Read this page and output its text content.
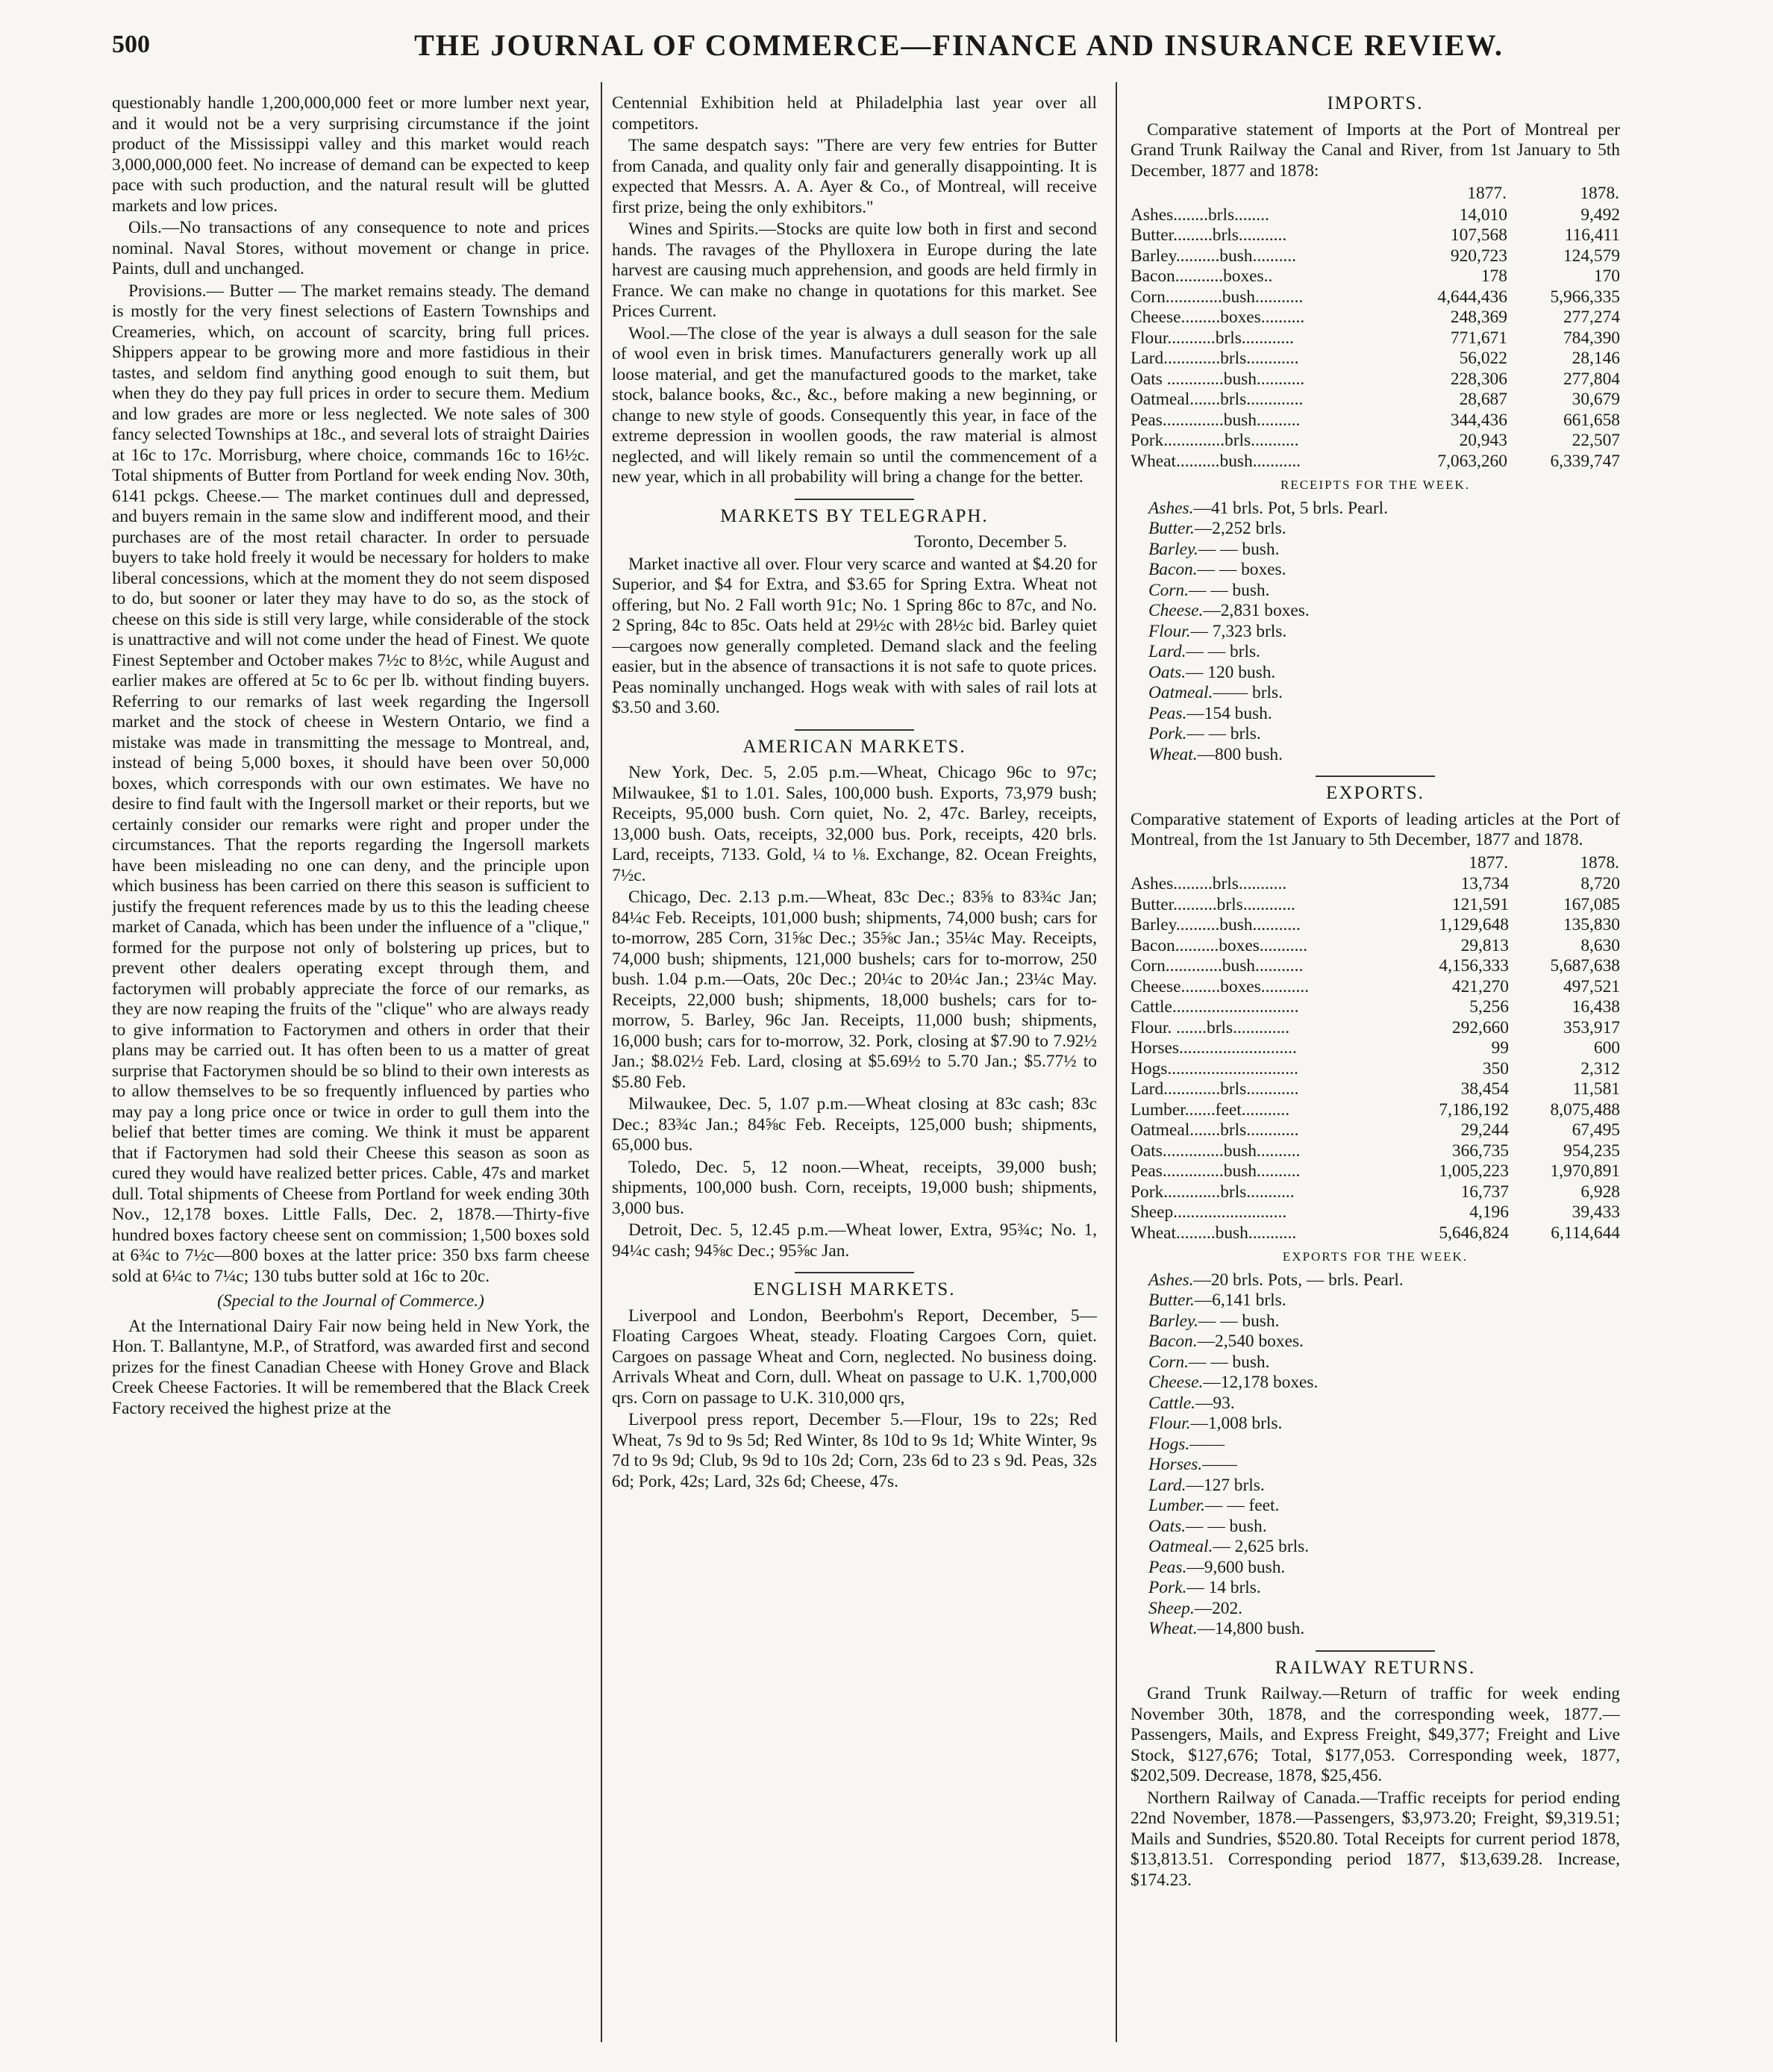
500	THE JOURNAL OF COMMERCE—FINANCE AND INSURANCE REVIEW.

questionably handle 1,200,000,000 feet or more lumber next year, and it would not be a very surprising circumstance if the joint product of the Mississippi valley and this market would reach 3,000,000,000 feet. No increase of demand can be expected to keep pace with such production, and the natural result will be glutted markets and low prices.

Oils.—No transactions of any consequence to note and prices nominal. Naval Stores, without movement or change in price. Paints, dull and unchanged.

Provisions.— Butter — The market remains steady. The demand is mostly for the very finest selections of Eastern Townships and Creameries, which, on account of scarcity, bring full prices. Shippers appear to be growing more and more fastidious in their tastes, and seldom find anything good enough to suit them, but when they do they pay full prices in order to secure them. Medium and low grades are more or less neglected. We note sales of 300 fancy selected Townships at 18c., and several lots of straight Dairies at 16c to 17c. Morrisburg, where choice, commands 16c to 16½c. Total shipments of Butter from Portland for week ending Nov. 30th, 6141 pckgs. Cheese.— The market continues dull and depressed, and buyers remain in the same slow and indifferent mood, and their purchases are of the most retail character. In order to persuade buyers to take hold freely it would be necessary for holders to make liberal concessions, which at the moment they do not seem disposed to do, but sooner or later they may have to do so, as the stock of cheese on this side is still very large, while considerable of the stock is unattractive and will not come under the head of Finest. We quote Finest September and October makes 7½c to 8½c, while August and earlier makes are offered at 5c to 6c per lb. without finding buyers. Referring to our remarks of last week regarding the Ingersoll market and the stock of cheese in Western Ontario, we find a mistake was made in transmitting the message to Montreal, and, instead of being 5,000 boxes, it should have been over 50,000 boxes, which corresponds with our own estimates. We have no desire to find fault with the Ingersoll market or their reports, but we certainly consider our remarks were right and proper under the circumstances. That the reports regarding the Ingersoll markets have been misleading no one can deny, and the principle upon which business has been carried on there this season is sufficient to justify the frequent references made by us to this the leading cheese market of Canada, which has been under the influence of a "clique," formed for the purpose not only of bolstering up prices, but to prevent other dealers operating except through them, and factorymen will probably appreciate the force of our remarks, as they are now reaping the fruits of the "clique" who are always ready to give information to Factorymen and others in order that their plans may be carried out. It has often been to us a matter of great surprise that Factorymen should be so blind to their own interests as to allow themselves to be so frequently influenced by parties who may pay a long price once or twice in order to gull them into the belief that better times are coming. We think it must be apparent that if Factorymen had sold their Cheese this season as soon as cured they would have realized better prices. Cable, 47s and market dull. Total shipments of Cheese from Portland for week ending 30th Nov., 12,178 boxes. Little Falls, Dec. 2, 1878.—Thirty-five hundred boxes factory cheese sent on commission; 1,500 boxes sold at 6¾c to 7½c—800 boxes at the latter price: 350 bxs farm cheese sold at 6¼c to 7¼c; 130 tubs butter sold at 16c to 20c.

(Special to the Journal of Commerce.)

At the International Dairy Fair now being held in New York, the Hon. T. Ballantyne, M.P., of Stratford, was awarded first and second prizes for the finest Canadian Cheese with Honey Grove and Black Creek Cheese Factories. It will be remembered that the Black Creek Factory received the highest prize at the

Centennial Exhibition held at Philadelphia last year over all competitors.

The same despatch says: "There are very few entries for Butter from Canada, and quality only fair and generally disappointing. It is expected that Messrs. A. A. Ayer & Co., of Montreal, will receive first prize, being the only exhibitors."

Wines and Spirits.—Stocks are quite low both in first and second hands. The ravages of the Phylloxera in Europe during the late harvest are causing much apprehension, and goods are held firmly in France. We can make no change in quotations for this market. See Prices Current.

Wool.—The close of the year is always a dull season for the sale of wool even in brisk times. Manufacturers generally work up all loose material, and get the manufactured goods to the market, take stock, balance books, &c., &c., before making a new beginning, or change to new style of goods. Consequently this year, in face of the extreme depression in woollen goods, the raw material is almost neglected, and will likely remain so until the commencement of a new year, which in all probability will bring a change for the better.

MARKETS BY TELEGRAPH.
Toronto, December 5.

Market inactive all over. Flour very scarce and wanted at $4.20 for Superior, and $4 for Extra, and $3.65 for Spring Extra. Wheat not offering, but No. 2 Fall worth 91c; No. 1 Spring 86c to 87c, and No. 2 Spring, 84c to 85c. Oats held at 29½c with 28½c bid. Barley quiet—cargoes now generally completed. Demand slack and the feeling easier, but in the absence of transactions it is not safe to quote prices. Peas nominally unchanged. Hogs weak with with sales of rail lots at $3.50 and 3.60.

AMERICAN MARKETS.

New York, Dec. 5, 2.05 p.m.—Wheat, Chicago 96c to 97c; Milwaukee, $1 to 1.01. Sales, 100,000 bush. Exports, 73,979 bush; Receipts, 95,000 bush. Corn quiet, No. 2, 47c. Barley, receipts, 13,000 bush. Oats, receipts, 32,000 bus. Pork, receipts, 420 brls. Lard, receipts, 7133. Gold, ¼ to ⅛. Exchange, 82. Ocean Freights, 7½c.

Chicago, Dec. 2.13 p.m.—Wheat, 83c Dec.; 83⅝ to 83¾c Jan; 84¼c Feb. Receipts, 101,000 bush; shipments, 74,000 bush; cars for to-morrow, 285 Corn, 31⅝c Dec.; 35⅝c Jan.; 35¼c May. Receipts, 74,000 bush; shipments, 121,000 bushels; cars for to-morrow, 250 bush. 1.04 p.m.—Oats, 20c Dec.; 20¼c to 20¼c Jan.; 23¼c May. Receipts, 22,000 bush; shipments, 18,000 bushels; cars for to-morrow, 5. Barley, 96c Jan. Receipts, 11,000 bush; shipments, 16,000 bush; cars for to-morrow, 32. Pork, closing at $7.90 to 7.92½ Jan.; $8.02½ Feb. Lard, closing at $5.69½ to 5.70 Jan.; $5.77½ to $5.80 Feb.

Milwaukee, Dec. 5, 1.07 p.m.—Wheat closing at 83c cash; 83c Dec.; 83¾c Jan.; 84⅝c Feb. Receipts, 125,000 bush; shipments, 65,000 bus.

Toledo, Dec. 5, 12 noon.—Wheat, receipts, 39,000 bush; shipments, 100,000 bush. Corn, receipts, 19,000 bush; shipments, 3,000 bus.

Detroit, Dec. 5, 12.45 p.m.—Wheat lower, Extra, 95¾c; No. 1, 94¼c cash; 94⅝c Dec.; 95⅝c Jan.

ENGLISH MARKETS.

Liverpool and London, Beerbohm's Report, December, 5—Floating Cargoes Wheat, steady. Floating Cargoes Corn, quiet. Cargoes on passage Wheat and Corn, neglected. No business doing. Arrivals Wheat and Corn, dull. Wheat on passage to U.K. 1,700,000 qrs. Corn on passage to U.K. 310,000 qrs,

Liverpool press report, December 5.—Flour, 19s to 22s; Red Wheat, 7s 9d to 9s 5d; Red Winter, 8s 10d to 9s 1d; White Winter, 9s 7d to 9s 9d; Club, 9s 9d to 10s 2d; Corn, 23s 6d to 23 s 9d. Peas, 32s 6d; Pork, 42s; Lard, 32s 6d; Cheese, 47s.

IMPORTS.

Comparative statement of Imports at the Port of Montreal per Grand Trunk Railway the Canal and River, from 1st January to 5th December, 1877 and 1878:

	1877.	1878.
Ashes........brls........	14,010	9,492
Butter.........brls...........	107,568	116,411
Barley..........bush..........	920,723	124,579
Bacon...........boxes..	178	170
Corn.............bush...........	4,644,436	5,966,335
Cheese.........boxes..........	248,369	277,274
Flour...........brls............	771,671	784,390
Lard.............brls............	56,022	28,146
Oats .............bush...........	228,306	277,804
Oatmeal.......brls.............	28,687	30,679
Peas..............bush..........	344,436	661,658
Pork..............brls...........	20,943	22,507
Wheat..........bush...........	7,063,260	6,339,747
RECEIPTS FOR THE WEEK.
Ashes.—41 brls. Pot, 5 brls. Pearl.
Butter.—2,252 brls.
Barley.— — bush.
Bacon.— — boxes.
Corn.— — bush.
Cheese.—2,831 boxes.
Flour.— 7,323 brls.
Lard.— — brls.
Oats.— 120 bush.
Oatmeal.—— brls.
Peas.—154 bush.
Pork.— — brls.
Wheat.—800 bush.
EXPORTS.

Comparative statement of Exports of leading articles at the Port of Montreal, from the 1st January to 5th December, 1877 and 1878.

	1877.	1878.
Ashes.........brls...........	13,734	8,720
Butter..........brls............	121,591	167,085
Barley..........bush...........	1,129,648	135,830
Bacon..........boxes...........	29,813	8,630
Corn.............bush...........	4,156,333	5,687,638
Cheese.........boxes...........	421,270	497,521
Cattle.............................	5,256	16,438
Flour. .......brls.............	292,660	353,917
Horses...........................	99	600
Hogs..............................	350	2,312
Lard.............brls............	38,454	11,581
Lumber.......feet...........	7,186,192	8,075,488
Oatmeal.......brls............	29,244	67,495
Oats..............bush..........	366,735	954,235
Peas..............bush..........	1,005,223	1,970,891
Pork.............brls...........	16,737	6,928
Sheep..........................	4,196	39,433
Wheat.........bush...........	5,646,824	6,114,644
EXPORTS FOR THE WEEK.
Ashes.—20 brls. Pots, — brls. Pearl.
Butter.—6,141 brls.
Barley.— — bush.
Bacon.—2,540 boxes.
Corn.— — bush.
Cheese.—12,178 boxes.
Cattle.—93.
Flour.—1,008 brls.
Hogs.——
Horses.——
Lard.—127 brls.
Lumber.— — feet.
Oats.— — bush.
Oatmeal.— 2,625 brls.
Peas.—9,600 bush.
Pork.— 14 brls.
Sheep.—202.
Wheat.—14,800 bush.
RAILWAY RETURNS.

Grand Trunk Railway.—Return of traffic for week ending November 30th, 1878, and the corresponding week, 1877.—Passengers, Mails, and Express Freight, $49,377; Freight and Live Stock, $127,676; Total, $177,053. Corresponding week, 1877, $202,509. Decrease, 1878, $25,456.

Northern Railway of Canada.—Traffic receipts for period ending 22nd November, 1878.—Passengers, $3,973.20; Freight, $9,319.51; Mails and Sundries, $520.80. Total Receipts for current period 1878, $13,813.51. Corresponding period 1877, $13,639.28. Increase, $174.23.
